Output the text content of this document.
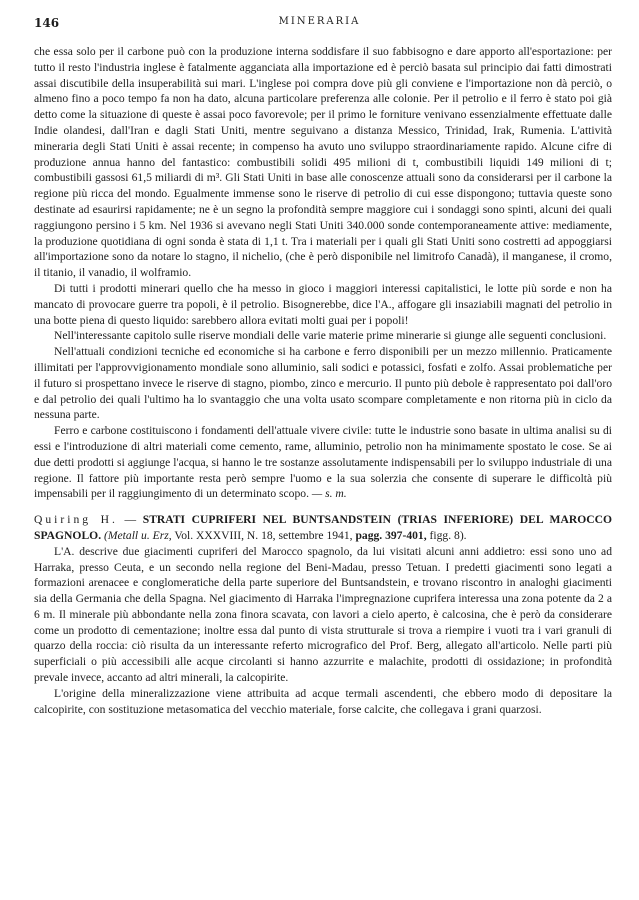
146	MINERARIA

che essa solo per il carbone può con la produzione interna soddisfare il suo fabbisogno e dare apporto all'esportazione: per tutto il resto l'industria inglese è fatalmente agganciata alla importazione ed è perciò basata sul principio dai fatti dimostrati assai discutibile della insuperabilità sui mari. L'inglese poi compra dove più gli conviene e l'importazione non dà perciò, o almeno fino a poco tempo fa non ha dato, alcuna particolare preferenza alle colonie. Per il petrolio e il ferro è stato poi già detto come la situazione di queste è assai poco favorevole; per il primo le forniture venivano essenzialmente effettuate dalle Indie olandesi, dall'Iran e dagli Stati Uniti, mentre seguivano a distanza Messico, Trinidad, Irak, Rumenia. L'attività mineraria degli Stati Uniti è assai recente; in compenso ha avuto uno sviluppo straordinariamente rapido. Alcune cifre di produzione annua hanno del fantastico: combustibili solidi 495 milioni di t, combustibili liquidi 149 milioni di t; combustibili gassosi 61,5 miliardi di m³. Gli Stati Uniti in base alle conoscenze attuali sono da considerarsi per il carbone la regione più ricca del mondo. Egualmente immense sono le riserve di petrolio di cui esse dispongono; tuttavia queste sono destinate ad esaurirsi rapidamente; ne è un segno la profondità sempre maggiore cui i sondaggi sono spinti, alcuni dei quali raggiungono persino i 5 km. Nel 1936 si avevano negli Stati Uniti 340.000 sonde contemporaneamente attive: mediamente, la produzione quotidiana di ogni sonda è stata di 1,1 t. Tra i materiali per i quali gli Stati Uniti sono costretti ad appoggiarsi all'importazione sono da notare lo stagno, il nichelio, (che è però disponibile nel limitrofo Canadà), il manganese, il cromo, il titanio, il vanadio, il wolframio.

Di tutti i prodotti minerari quello che ha messo in gioco i maggiori interessi capitalistici, le lotte più sorde e non ha mancato di provocare guerre tra popoli, è il petrolio. Bisognerebbe, dice l'A., affogare gli insaziabili magnati del petrolio in una botte piena di questo liquido: sarebbero allora evitati molti guai per i popoli!

Nell'interessante capitolo sulle riserve mondiali delle varie materie prime minerarie si giunge alle seguenti conclusioni.

Nell'attuali condizioni tecniche ed economiche si ha carbone e ferro disponibili per un mezzo millennio. Praticamente illimitati per l'approvvigionamento mondiale sono alluminio, sali sodici e potassici, fosfati e zolfo. Assai problematiche per il futuro si prospettano invece le riserve di stagno, piombo, zinco e mercurio. Il punto più debole è rappresentato poi dall'oro e dal petrolio dei quali l'ultimo ha lo svantaggio che una volta usato scompare completamente e non ritorna più in ciclo da nessuna parte.

Ferro e carbone costituiscono i fondamenti dell'attuale vivere civile: tutte le industrie sono basate in ultima analisi su di essi e l'introduzione di altri materiali come cemento, rame, alluminio, petrolio non ha minimamente spostato le cose. Se ai due detti prodotti si aggiunge l'acqua, si hanno le tre sostanze assolutamente indispensabili per lo sviluppo industriale di una regione. Il fattore più importante resta però sempre l'uomo e la sua solerzia che consente di superare le difficoltà più impensabili per il raggiungimento di un determinato scopo. — s. m.

Quiring H. — STRATI CUPRIFERI NEL BUNTSANDSTEIN (TRIAS INFERIORE) DEL MAROCCO SPAGNOLO. (Metall u. Erz, Vol. XXXVIII, N. 18, settembre 1941, pagg. 397-401, figg. 8).

L'A. descrive due giacimenti cupriferi del Marocco spagnolo, da lui visitati alcuni anni addietro: essi sono uno ad Harraka, presso Ceuta, e un secondo nella regione del Beni-Madau, presso Tetuan. I predetti giacimenti sono legati a formazioni arenacee e conglomeratiche della parte superiore del Buntsandstein, e trovano riscontro in analoghi giacimenti sia della Germania che della Spagna. Nel giacimento di Harraka l'impregnazione cuprifera interessa una zona potente da 2 a 6 m. Il minerale più abbondante nella zona finora scavata, con lavori a cielo aperto, è calcosina, che è però da considerare come un prodotto di cementazione; inoltre essa dal punto di vista strutturale si trova a riempire i vuoti tra i vari granuli di quarzo della roccia: ciò risulta da un interessante referto micrografico del Prof. Berg, allegato all'articolo. Nelle parti più superficiali o più accessibili alle acque circolanti si hanno azzurrite e malachite, prodotti di ossidazione; in profondità prevale invece, accanto ad altri minerali, la calcopirite.

L'origine della mineralizzazione viene attribuita ad acque termali ascendenti, che ebbero modo di depositare la calcopirite, con sostituzione metasomatica del vecchio materiale, forse calcite, che collegava i grani quarzosi.
